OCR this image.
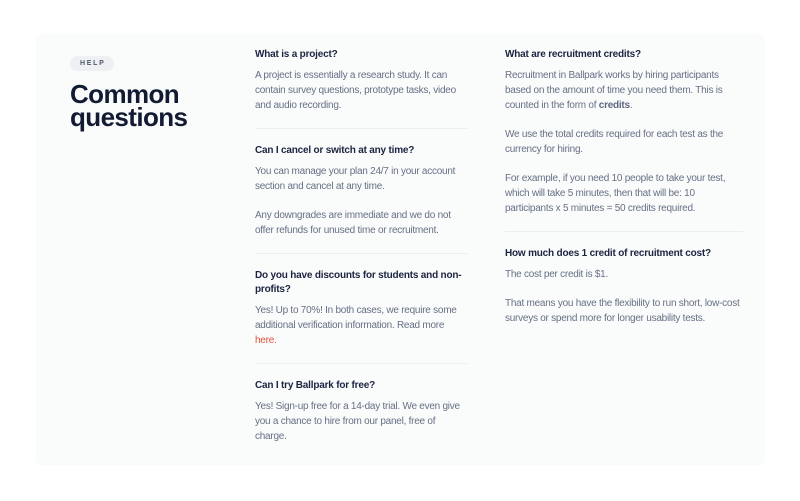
HELP
Common questions
What is a project?

A project is essentially a research study. It can contain survey questions, prototype tasks, video and audio recording.

Can I cancel or switch at any time?

You can manage your plan 24/7 in your account section and cancel at any time.

Any downgrades are immediate and we do not offer refunds for unused time or recruitment.

Do you have discounts for students and non-profits?

Yes! Up to 70%! In both cases, we require some additional verification information. Read more here.

Can I try Ballpark for free?

Yes! Sign-up free for a 14-day trial. We even give you a chance to hire from our panel, free of charge.

What are recruitment credits?

Recruitment in Ballpark works by hiring participants based on the amount of time you need them. This is counted in the form of credits.

We use the total credits required for each test as the currency for hiring.

For example, if you need 10 people to take your test, which will take 5 minutes, then that will be: 10 participants x 5 minutes = 50 credits required.

How much does 1 credit of recruitment cost?

The cost per credit is $1.

That means you have the flexibility to run short, low-cost surveys or spend more for longer usability tests.
